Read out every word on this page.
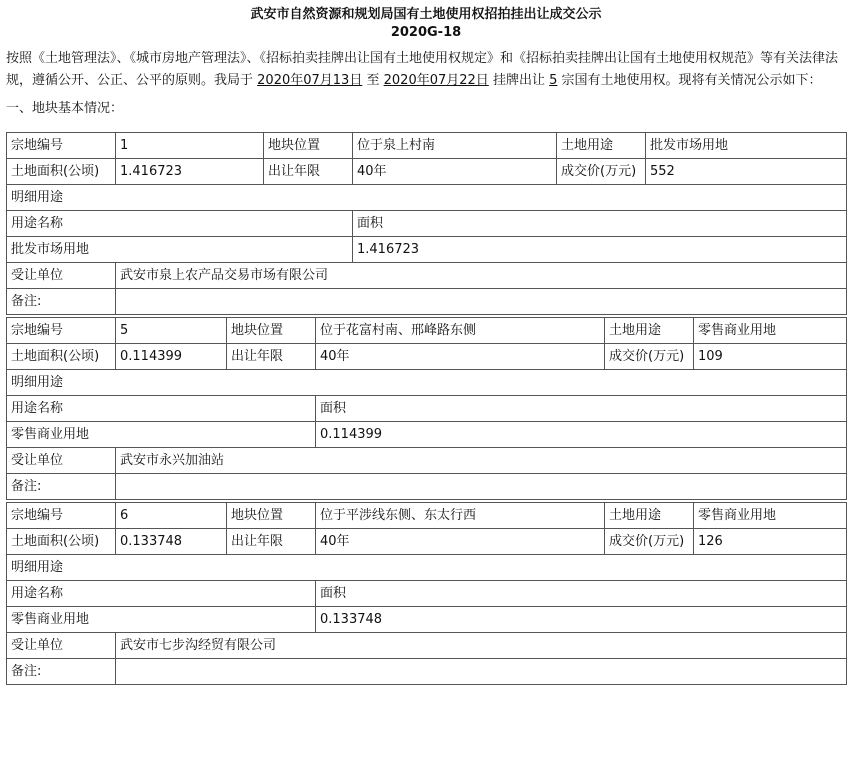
武安市自然资源和规划局国有土地使用权招拍挂出让成交公示
2020G-18
按照《土地管理法》、《城市房地产管理法》、《招标拍卖挂牌出让国有土地使用权规定》和《招标拍卖挂牌出让国有土地使用权规范》等有关法律法规，遵循公开、公正、公平的原则。我局于 2020年07月13日 至 2020年07月22日 挂牌出让 5 宗国有土地使用权。现将有关情况公示如下：
一、地块基本情况：
宗地编号	1	地块位置	位于泉上村南	土地用途	批发市场用地
土地面积(公顷)	1.416723	出让年限	40年	成交价(万元)	552
明细用途					
用途名称			面积		
批发市场用地			1.416723		
受让单位	武安市泉上农产品交易市场有限公司				
备注:					
宗地编号	5	地块位置	位于花富村南、邢峰路东侧	土地用途	零售商业用地
土地面积(公顷)	0.114399	出让年限	40年	成交价(万元)	109
明细用途					
用途名称			面积		
零售商业用地			0.114399		
受让单位	武安市永兴加油站				
备注:					
宗地编号	6	地块位置	位于平涉线东侧、东太行西	土地用途	零售商业用地
土地面积(公顷)	0.133748	出让年限	40年	成交价(万元)	126
明细用途					
用途名称			面积		
零售商业用地			0.133748		
受让单位	武安市七步沟经贸有限公司				
备注:					
